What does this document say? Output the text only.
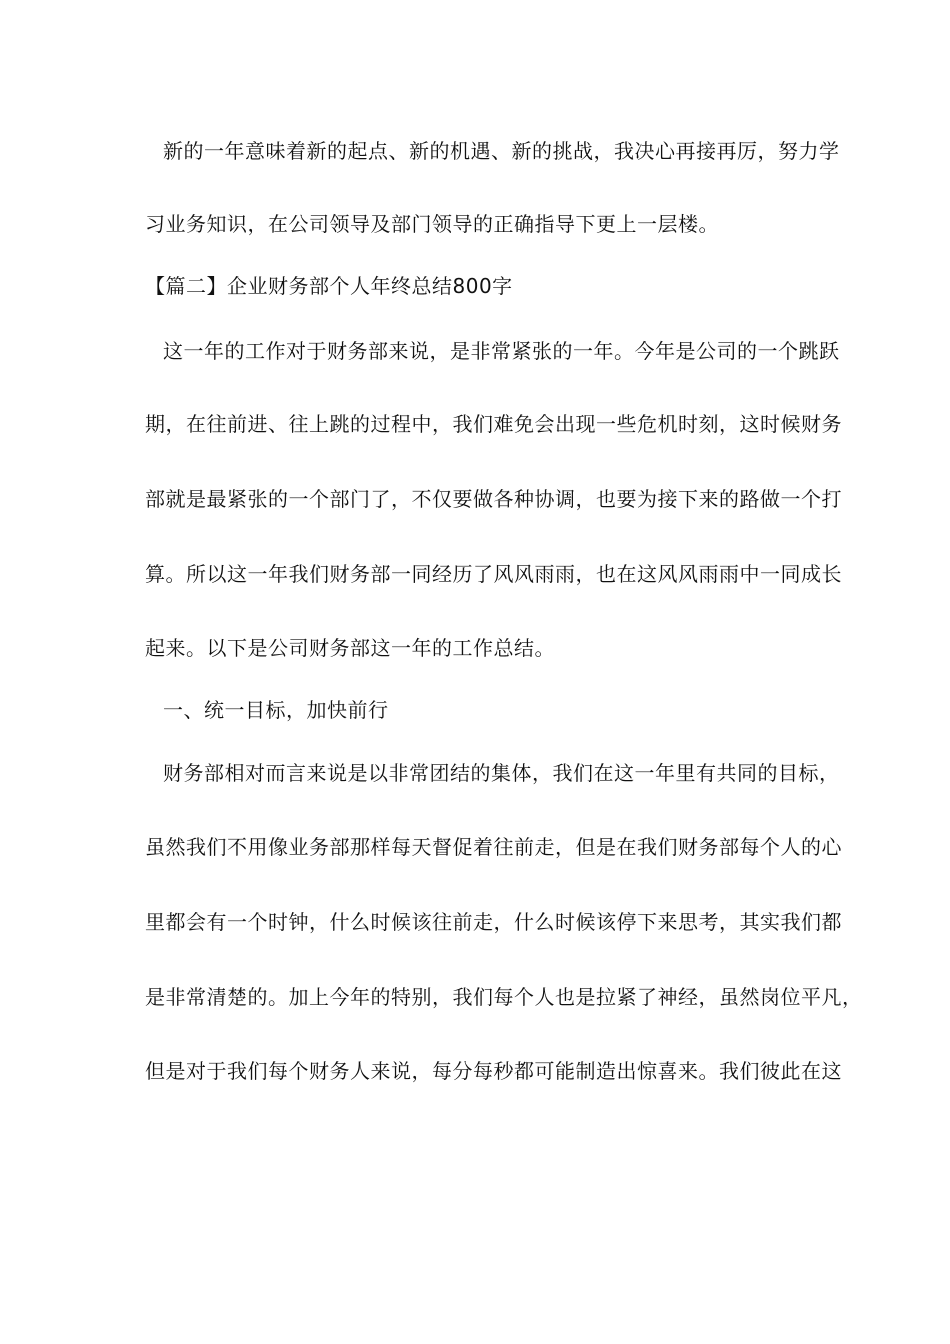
新的一年意味着新的起点、新的机遇、新的挑战，我决心再接再厉，努力学
习业务知识，在公司领导及部门领导的正确指导下更上一层楼。
【篇二】企业财务部个人年终总结800字
这一年的工作对于财务部来说，是非常紧张的一年。今年是公司的一个跳跃
期，在往前进、往上跳的过程中，我们难免会出现一些危机时刻，这时候财务
部就是最紧张的一个部门了，不仅要做各种协调，也要为接下来的路做一个打
算。所以这一年我们财务部一同经历了风风雨雨，也在这风风雨雨中一同成长
起来。以下是公司财务部这一年的工作总结。
一、统一目标，加快前行
财务部相对而言来说是以非常团结的集体，我们在这一年里有共同的目标，
虽然我们不用像业务部那样每天督促着往前走，但是在我们财务部每个人的心
里都会有一个时钟，什么时候该往前走，什么时候该停下来思考，其实我们都
是非常清楚的。加上今年的特别，我们每个人也是拉紧了神经，虽然岗位平凡，
但是对于我们每个财务人来说，每分每秒都可能制造出惊喜来。我们彼此在这
